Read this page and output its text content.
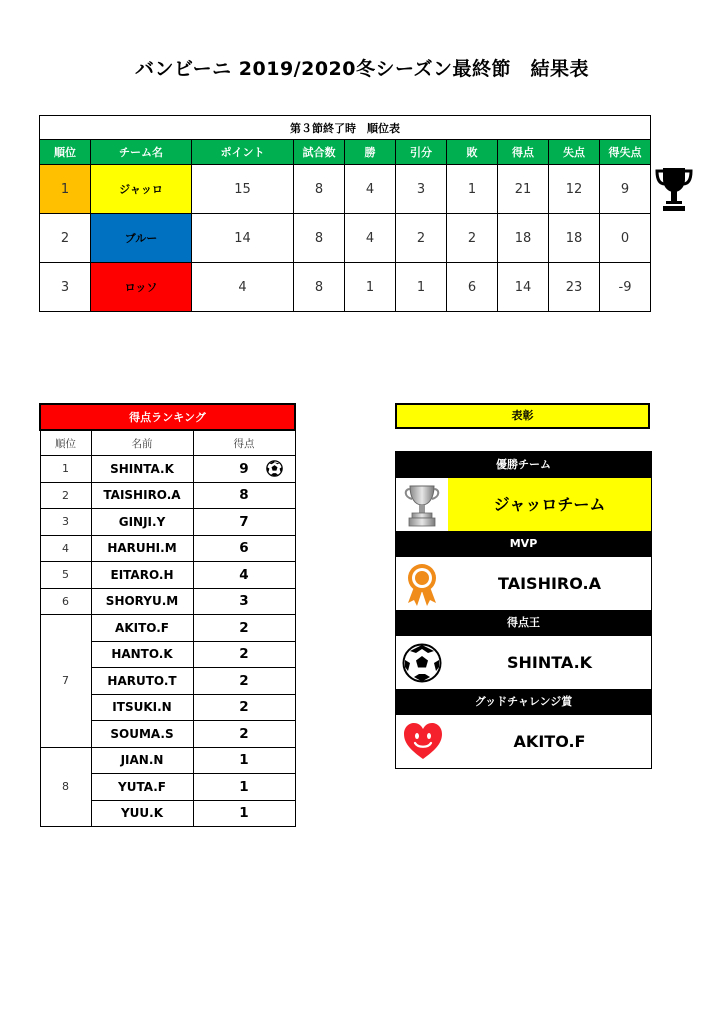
バンビーニ 2019/2020冬シーズン最終節　結果表
第３節終了時　順位表									
順位	チーム名	ポイント	試合数	勝	引分	敗	得点	失点	得失点
1	ジャッロ	15	8	4	3	1	21	12	9
2	ブルー	14	8	4	2	2	18	18	0
3	ロッソ	4	8	1	1	6	14	23	-9
得点ランキング		
順位	名前	得点
1	SHINTA.K	9

2	TAISHIRO.A	8
3	GINJI.Y	7
4	HARUHI.M	6
5	EITARO.H	4
6	SHORYU.M	3
7	AKITO.F	2
	HANTO.K	2
	HARUTO.T	2
	ITSUKI.N	2
	SOUMA.S	2
8	JIAN.N	1
	YUTA.F	1
	YUU.K	1
表彰
優勝チーム
ジャッロチーム
MVP
TAISHIRO.A
得点王
SHINTA.K
グッドチャレンジ賞
AKITO.F
